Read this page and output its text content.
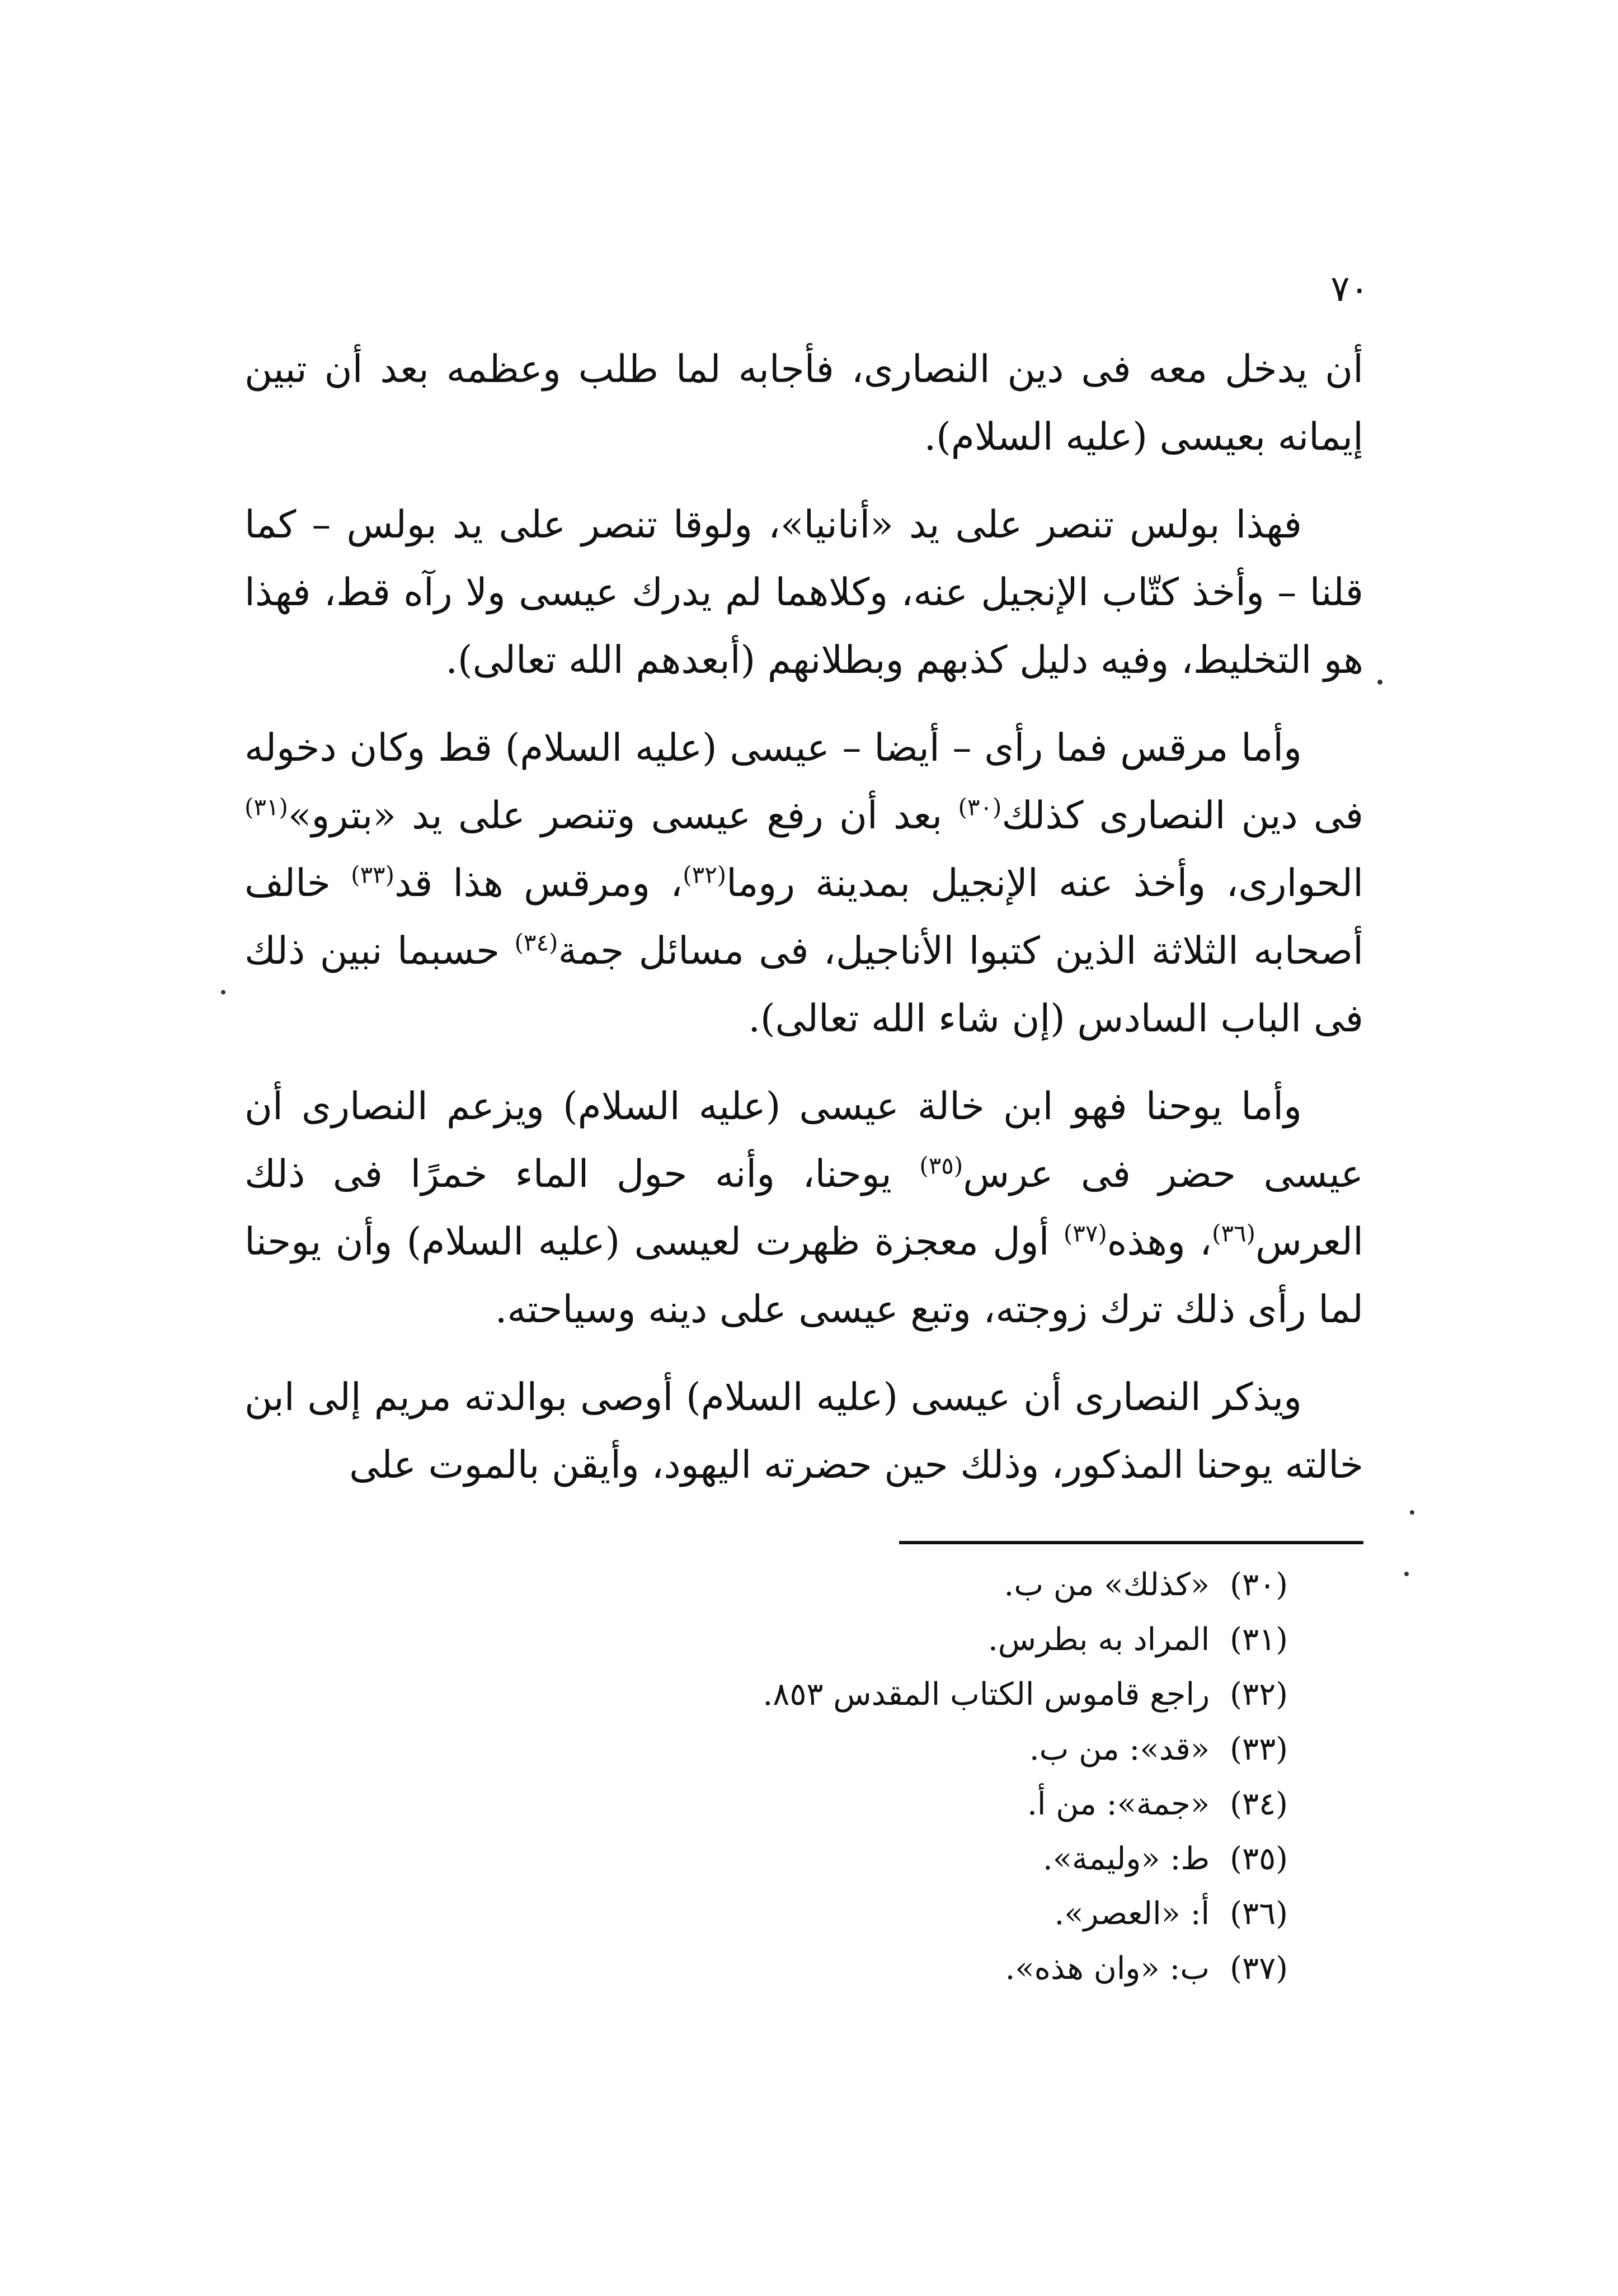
٧٠

أن يدخل معه فى دين النصارى، فأجابه لما طلب وعظمه بعد أن تبين إيمانه بعيسى (عليه السلام).

فهذا بولس تنصر على يد «أنانيا»، ولوقا تنصر على يد بولس – كما قلنا – وأخذ كتّاب الإنجيل عنه، وكلاهما لم يدرك عيسى ولا رآه قط، فهذا هو التخليط، وفيه دليل كذبهم وبطلانهم (أبعدهم الله تعالى).

وأما مرقس فما رأى – أيضا – عيسى (عليه السلام) قط وكان دخوله فى دين النصارى كذلك$^{(٣٠)}$ بعد أن رفع عيسى وتنصر على يد «بترو»$^{(٣١)}$ الحوارى، وأخذ عنه الإنجيل بمدينة روما$^{(٣٢)}$، ومرقس هذا قد$^{(٣٣)}$ خالف أصحابه الثلاثة الذين كتبوا الأناجيل، فى مسائل جمة$^{(٣٤)}$ حسبما نبين ذلك فى الباب السادس (إن شاء الله تعالى).

وأما يوحنا فهو ابن خالة عيسى (عليه السلام) ويزعم النصارى أن عيسى حضر فى عرس$^{(٣٥)}$ يوحنا، وأنه حول الماء خمرًا فى ذلك العرس$^{(٣٦)}$، وهذه$^{(٣٧)}$ أول معجزة ظهرت لعيسى (عليه السلام) وأن يوحنا لما رأى ذلك ترك زوجته، وتبع عيسى على دينه وسياحته.

ويذكر النصارى أن عيسى (عليه السلام) أوصى بوالدته مريم إلى ابن خالته يوحنا المذكور، وذلك حين حضرته اليهود، وأيقن بالموت على

(٣٠)«كذلك» من ب.
(٣١)المراد به بطرس.
(٣٢)راجع قاموس الكتاب المقدس ٨٥٣.
(٣٣)«قد»: من ب.
(٣٤)«جمة»: من أ.
(٣٥)ط: «وليمة».
(٣٦)أ: «العصر».
(٣٧)ب: «وان هذه».
